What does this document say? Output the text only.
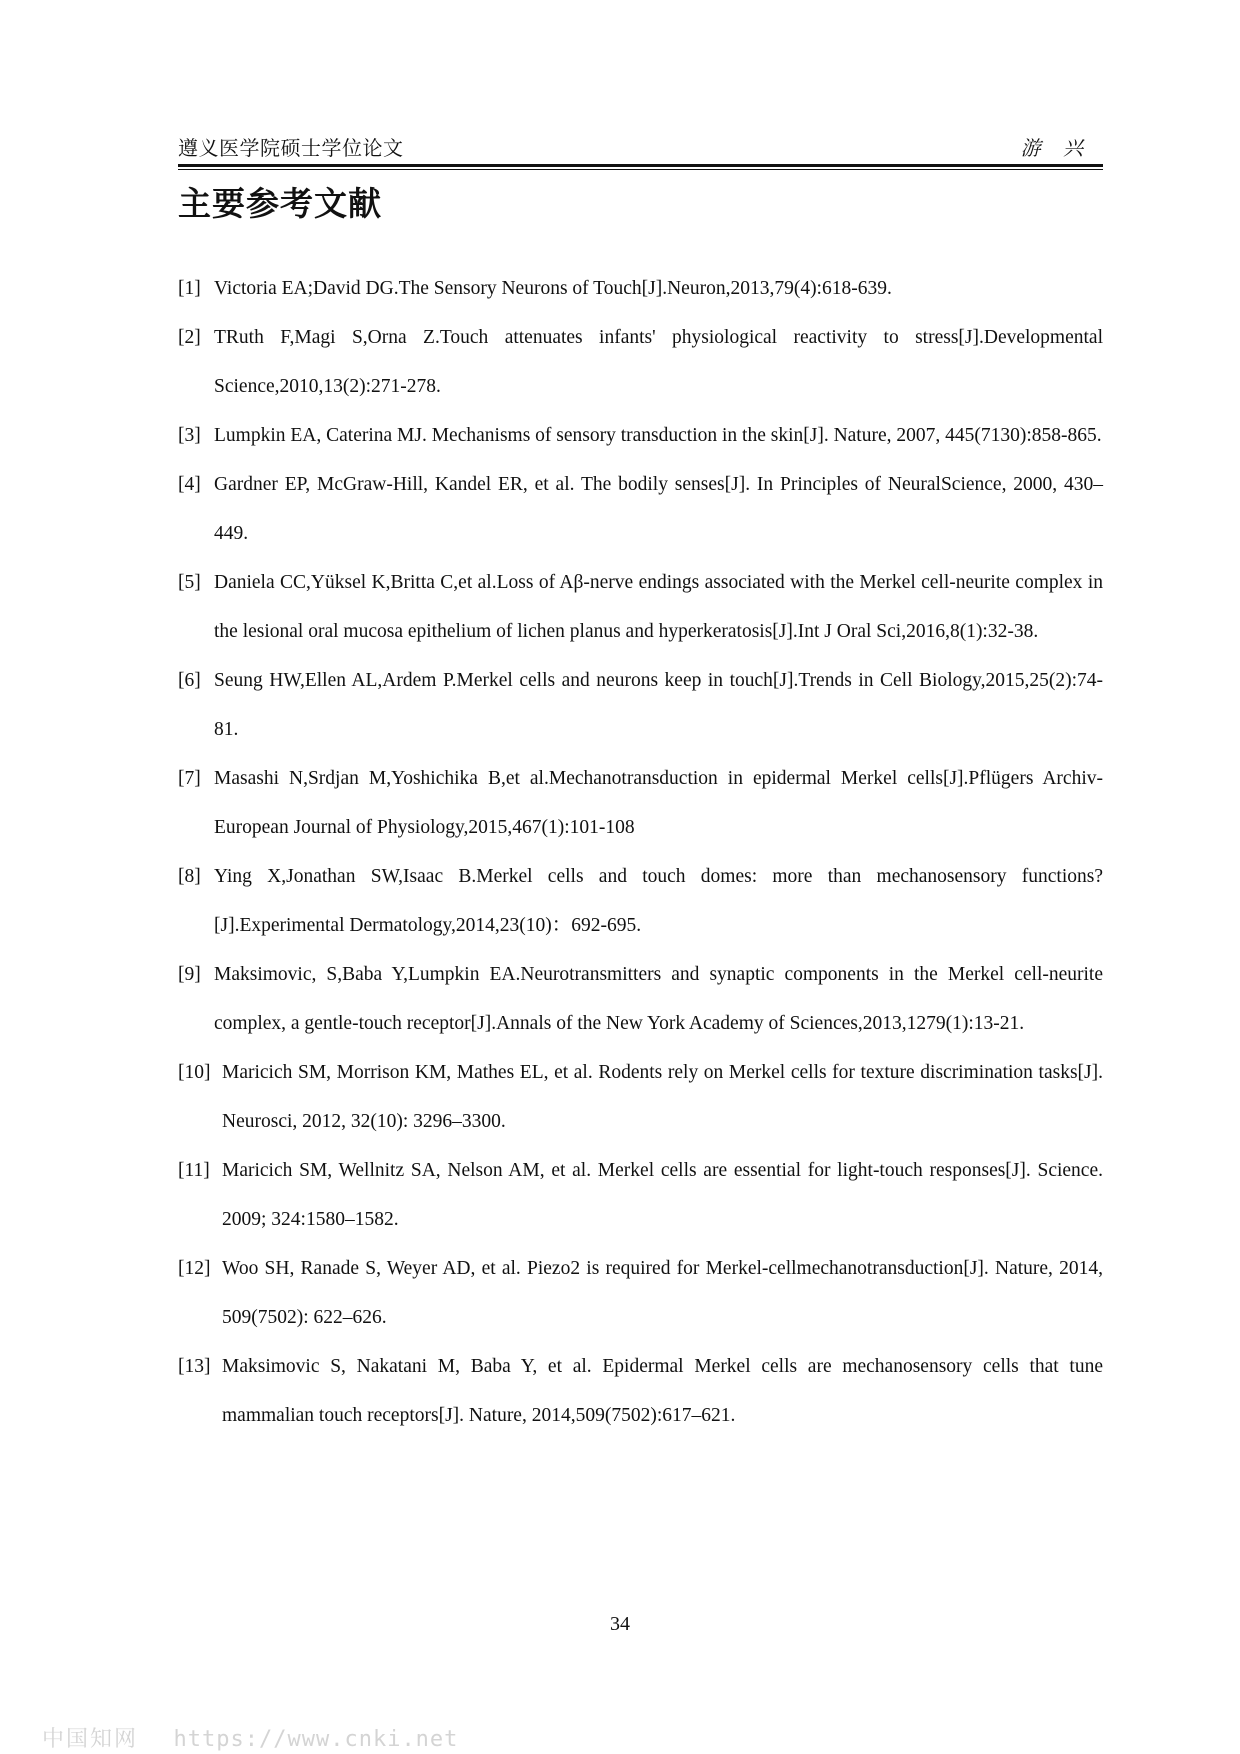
遵义医学院硕士学位论文	游 兴
主要参考文献
[1] Victoria EA;David DG.The Sensory Neurons of Touch[J].Neuron,2013,79(4):618-639.
[2] TRuth F,Magi S,Orna Z.Touch attenuates infants' physiological reactivity to stress[J].Developmental Science,2010,13(2):271-278.
[3] Lumpkin EA, Caterina MJ. Mechanisms of sensory transduction in the skin[J]. Nature, 2007, 445(7130):858-865.
[4] Gardner EP, McGraw-Hill, Kandel ER, et al. The bodily senses[J]. In Principles of NeuralScience, 2000, 430–449.
[5] Daniela CC,Yüksel K,Britta C,et al.Loss of Aβ-nerve endings associated with the Merkel cell-neurite complex in the lesional oral mucosa epithelium of lichen planus and hyperkeratosis[J].Int J Oral Sci,2016,8(1):32-38.
[6] Seung HW,Ellen AL,Ardem P.Merkel cells and neurons keep in touch[J].Trends in Cell Biology,2015,25(2):74-81.
[7] Masashi N,Srdjan M,Yoshichika B,et al.Mechanotransduction in epidermal Merkel cells[J].Pflügers Archiv-European Journal of Physiology,2015,467(1):101-108
[8] Ying X,Jonathan SW,Isaac B.Merkel cells and touch domes: more than mechanosensory functions?[J].Experimental Dermatology,2014,23(10)：692-695.
[9] Maksimovic, S,Baba Y,Lumpkin EA.Neurotransmitters and synaptic components in the Merkel cell-neurite complex, a gentle-touch receptor[J].Annals of the New York Academy of Sciences,2013,1279(1):13-21.
[10] Maricich SM, Morrison KM, Mathes EL, et al. Rodents rely on Merkel cells for texture discrimination tasks[J]. Neurosci, 2012, 32(10): 3296–3300.
[11] Maricich SM, Wellnitz SA, Nelson AM, et al. Merkel cells are essential for light-touch responses[J]. Science. 2009; 324:1580–1582.
[12] Woo SH, Ranade S, Weyer AD, et al. Piezo2 is required for Merkel-cellmechanotransduction[J]. Nature, 2014, 509(7502): 622–626.
[13] Maksimovic S, Nakatani M, Baba Y, et al. Epidermal Merkel cells are mechanosensory cells that tune mammalian touch receptors[J]. Nature, 2014,509(7502):617–621.
34
中国知网 https://www.cnki.net
